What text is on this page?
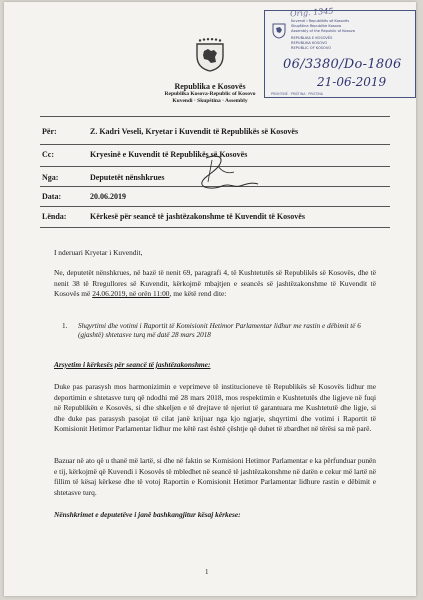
Orig. 1345
Republika e Kosovës
Republika Kosova-Republic of Kosovo
Kuvendi · Skupština · Assembly
Kuvendi i Republikës së Kosovës
Skupština Republike Kosova
Assembly of the Republic of Kosovo
REPUBLIKA E KOSOVËS
REPUBLIKA KOSOVO
REPUBLIC OF KOSOVO
06/3380/Do-1806
21-06-2019
PRISHTINË · PRIŠTINA · PRISTINA
Për:	Z. Kadri Veseli, Kryetar i Kuvendit të Republikës së Kosovës
Cc:	Kryesinë e Kuvendit të Republikës së Kosovës
Nga:	Deputetët nënshkrues
Data:	20.06.2019
Lënda:	Kërkesë për seancë të jashtëzakonshme të Kuvendit të Kosovës
I nderuari Kryetar i Kuvendit,
Ne, deputetët nënshkrues, në bazë të nenit 69, paragrafi 4, të Kushtetutës së Republikës së Kosovës, dhe të nenit 38 të Rregullores së Kuvendit, kërkojmë mbajtjen e seancës së jashtëzakonshme të Kuvendit të Kosovës më 24.06.2019, në orën 11:00, me këtë rend dite:
1. Shqyrtimi dhe votimi i Raportit të Komisionit Hetimor Parlamentar lidhur me rastin e dëbimit të 6 (gjashtë) shtetasve turq më datë 28 mars 2018
Arsyetim i kërkesës për seancë të jashtëzakonshme:
Duke pas parasysh mos harmonizimin e veprimeve të institucioneve të Republikës së Kosovës lidhur me deportimin e shtetasve turq që ndodhi më 28 mars 2018, mos respektimin e Kushtetutës dhe ligjeve në fuqi në Republikën e Kosovës, si dhe shkeljen e të drejtave të njeriut të garantuara me Kushtetutë dhe ligje, si dhe duke pas parasysh pasojat të cilat janë krijuar nga kjo ngjarje, shqyrtimi dhe votimi i Raportit të Komisionit Hetimor Parlamentar lidhur me këtë rast është çështje që duhet të zbardhet në tërësi sa më parë.
Bazuar në ato që u thanë më lartë, si dhe në faktin se Komisioni Hetimor Parlamentar e ka përfunduar punën e tij, kërkojmë që Kuvendi i Kosovës të mbledhet në seancë të jashtëzakonshme në datën e cekur më lartë në fillim të kësaj kërkese dhe të votoj Raportin e Komisionit Hetimor Parlamentar lidhure rastin e dëbimit e shtetasve turq.
Nënshkrimet e deputetëve i janë bashkangjitur kësaj kërkese:
1
